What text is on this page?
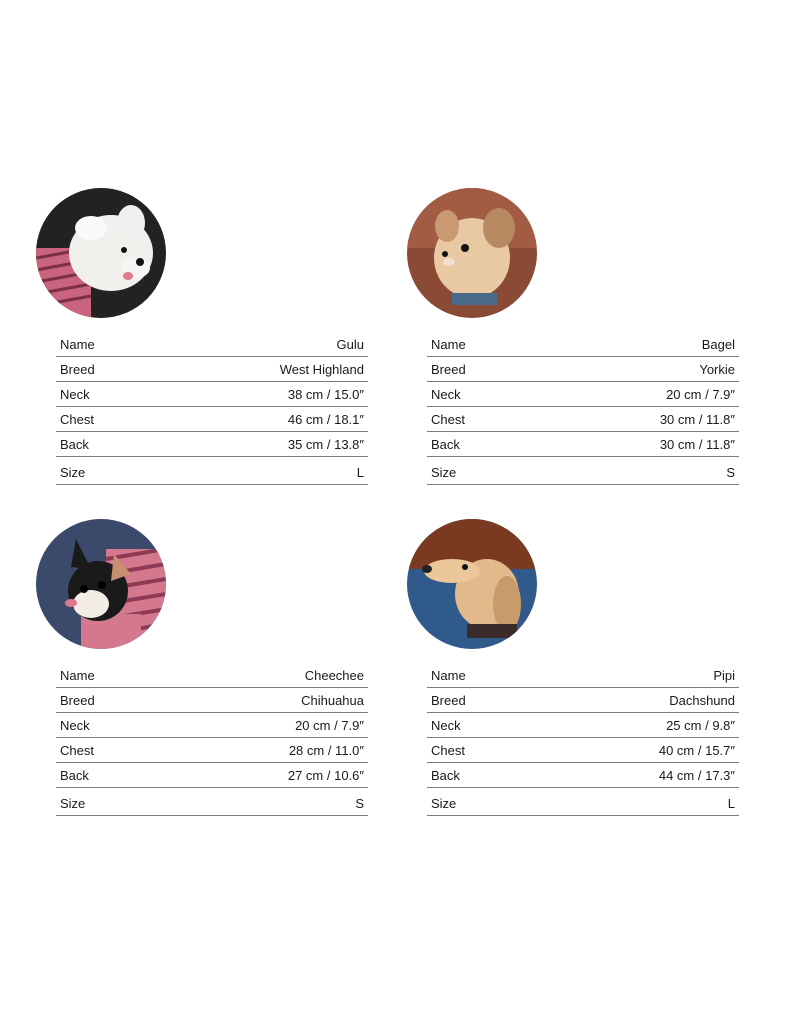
Name	Gulu
Breed	West Highland
Neck	38 cm / 15.0″
Chest	46 cm / 18.1″
Back	35 cm / 13.8″
Size	L
Name	Bagel
Breed	Yorkie
Neck	20 cm / 7.9″
Chest	30 cm / 11.8″
Back	30 cm / 11.8″
Size	S
Name	Cheechee
Breed	Chihuahua
Neck	20 cm / 7.9″
Chest	28 cm / 11.0″
Back	27 cm / 10.6″
Size	S
Name	Pipi
Breed	Dachshund
Neck	25 cm / 9.8″
Chest	40 cm / 15.7″
Back	44 cm / 17.3″
Size	L
